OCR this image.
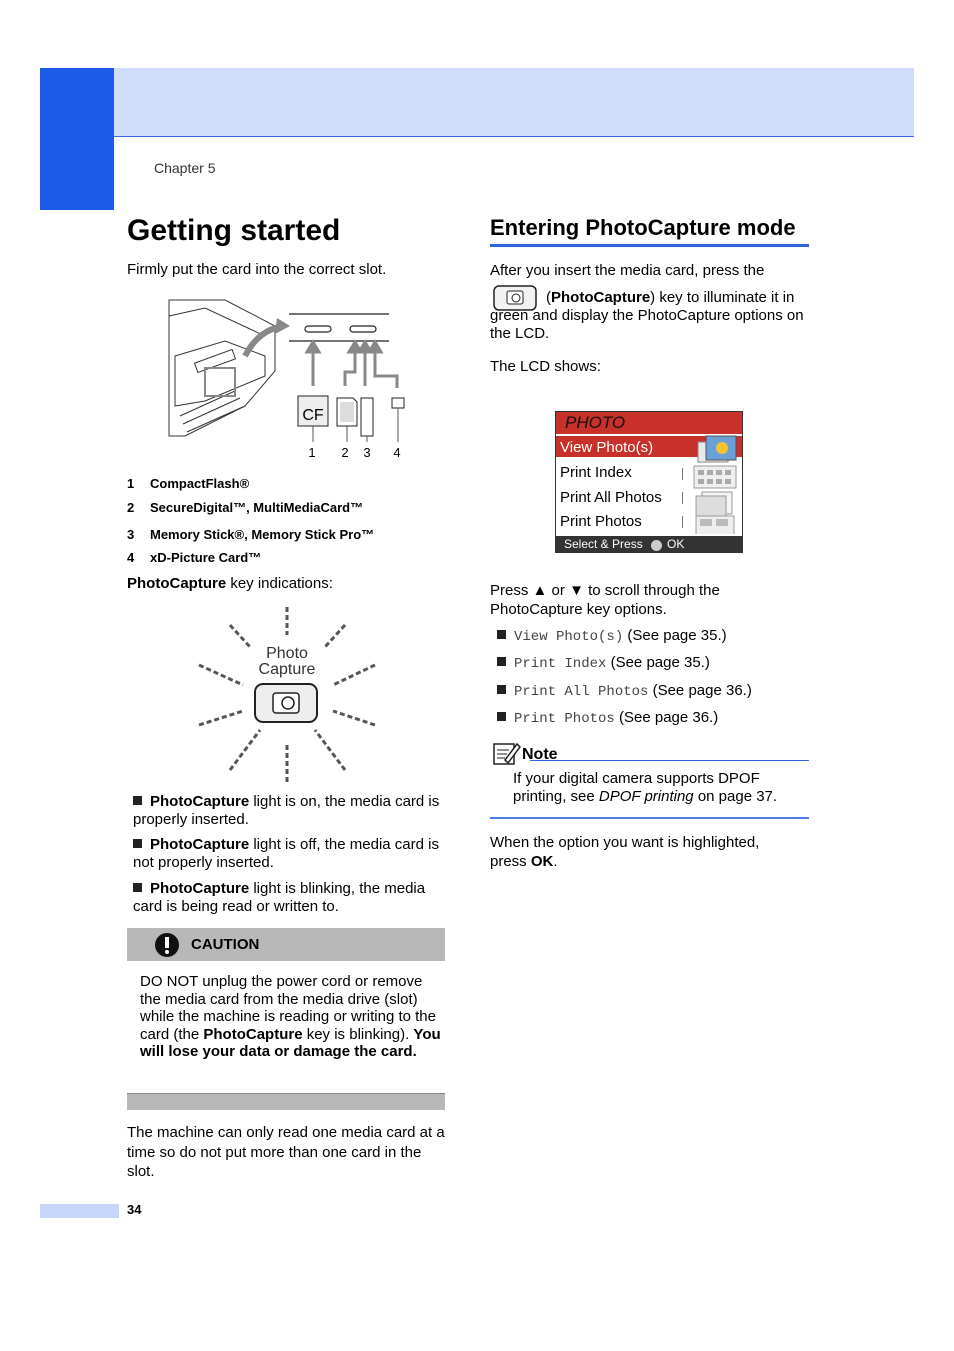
Chapter 5
Getting started
Firmly put the card into the correct slot.
CF
1 2 3 4
1 CompactFlash®
2 SecureDigital™, MultiMediaCard™
3 Memory Stick®, Memory Stick Pro™
4 xD-Picture Card™
PhotoCapture key indications:
Photo
Capture
PhotoCapture light is on, the media card is properly inserted.
PhotoCapture light is off, the media card is not properly inserted.
PhotoCapture light is blinking, the media card is being read or written to.
CAUTION
DO NOT unplug the power cord or remove the media card from the media drive (slot) while the machine is reading or writing to the card (the PhotoCapture key is blinking). You will lose your data or damage the card.
The machine can only read one media card at a time so do not put more than one card in the slot.
Entering PhotoCapture mode
After you insert the media card, press the
(PhotoCapture) key to illuminate it in green and display the PhotoCapture options on the LCD.
The LCD shows:
PHOTO
View Photo(s)
Print Index
Print All Photos
Print Photos
Select & Press OK
Press ▲ or ▼ to scroll through the PhotoCapture key options.
View Photo(s) (See page 35.)
Print Index (See page 35.)
Print All Photos (See page 36.)
Print Photos (See page 36.)
Note
If your digital camera supports DPOF printing, see DPOF printing on page 37.
When the option you want is highlighted, press OK.
34
